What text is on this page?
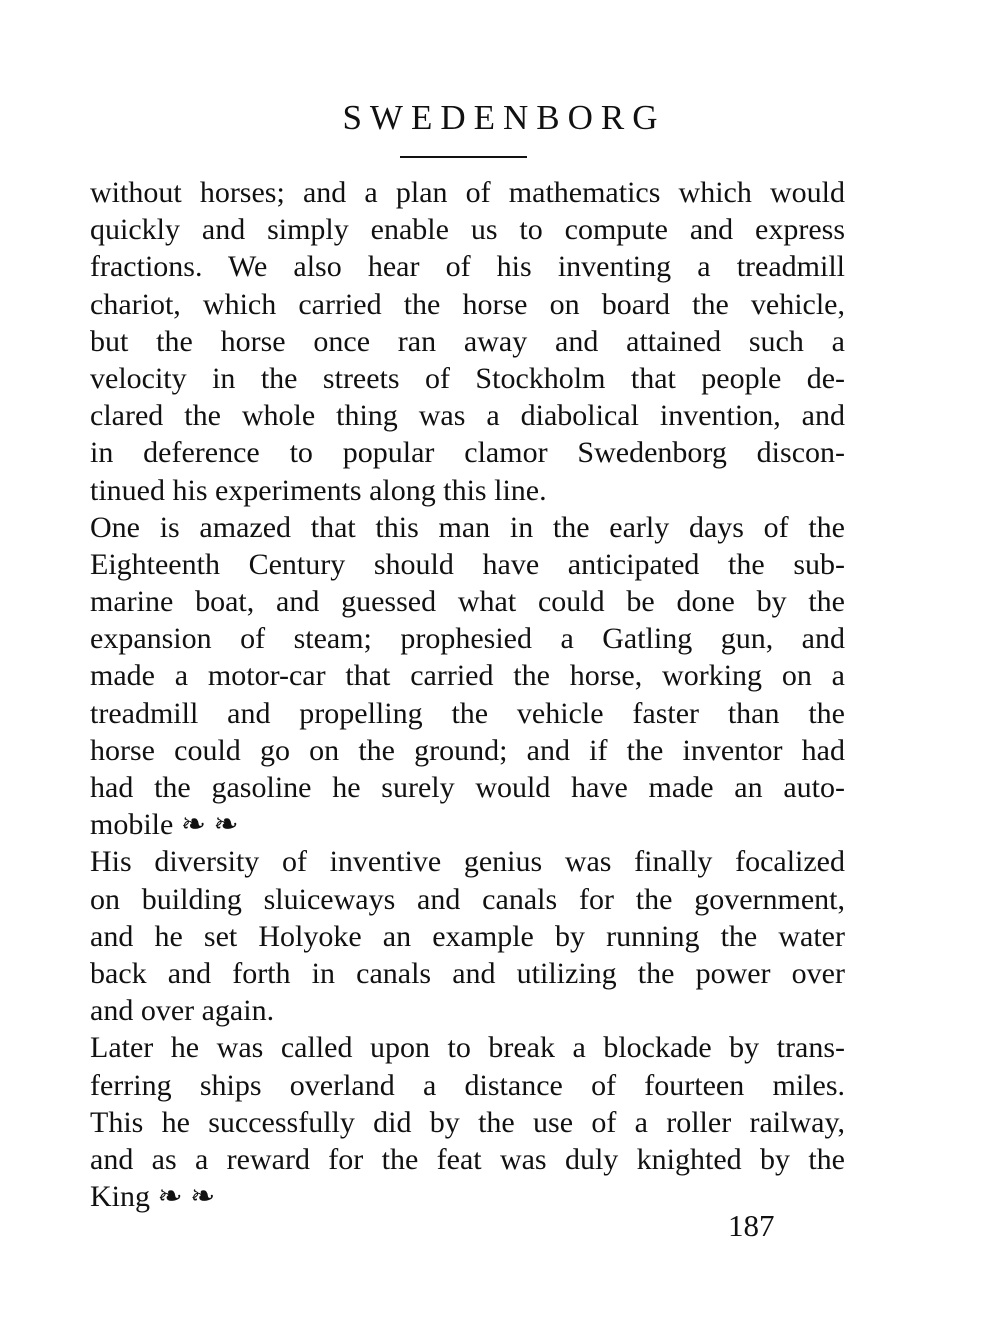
SWEDENBORG
without horses; and a plan of mathematics which would
quickly and simply enable us to compute and express
fractions. We also hear of his inventing a treadmill
chariot, which carried the horse on board the vehicle,
but the horse once ran away and attained such a
velocity in the streets of Stockholm that people de-
clared the whole thing was a diabolical invention, and
in deference to popular clamor Swedenborg discon-
tinued his experiments along this line.
One is amazed that this man in the early days of the
Eighteenth Century should have anticipated the sub-
marine boat, and guessed what could be done by the
expansion of steam; prophesied a Gatling gun, and
made a motor-car that carried the horse, working on a
treadmill and propelling the vehicle faster than the
horse could go on the ground; and if the inventor had
had the gasoline he surely would have made an auto-
mobile ❧ ❧
His diversity of inventive genius was finally focalized
on building sluiceways and canals for the government,
and he set Holyoke an example by running the water
back and forth in canals and utilizing the power over
and over again.
Later he was called upon to break a blockade by trans-
ferring ships overland a distance of fourteen miles.
This he successfully did by the use of a roller railway,
and as a reward for the feat was duly knighted by the
King ❧ ❧
187
